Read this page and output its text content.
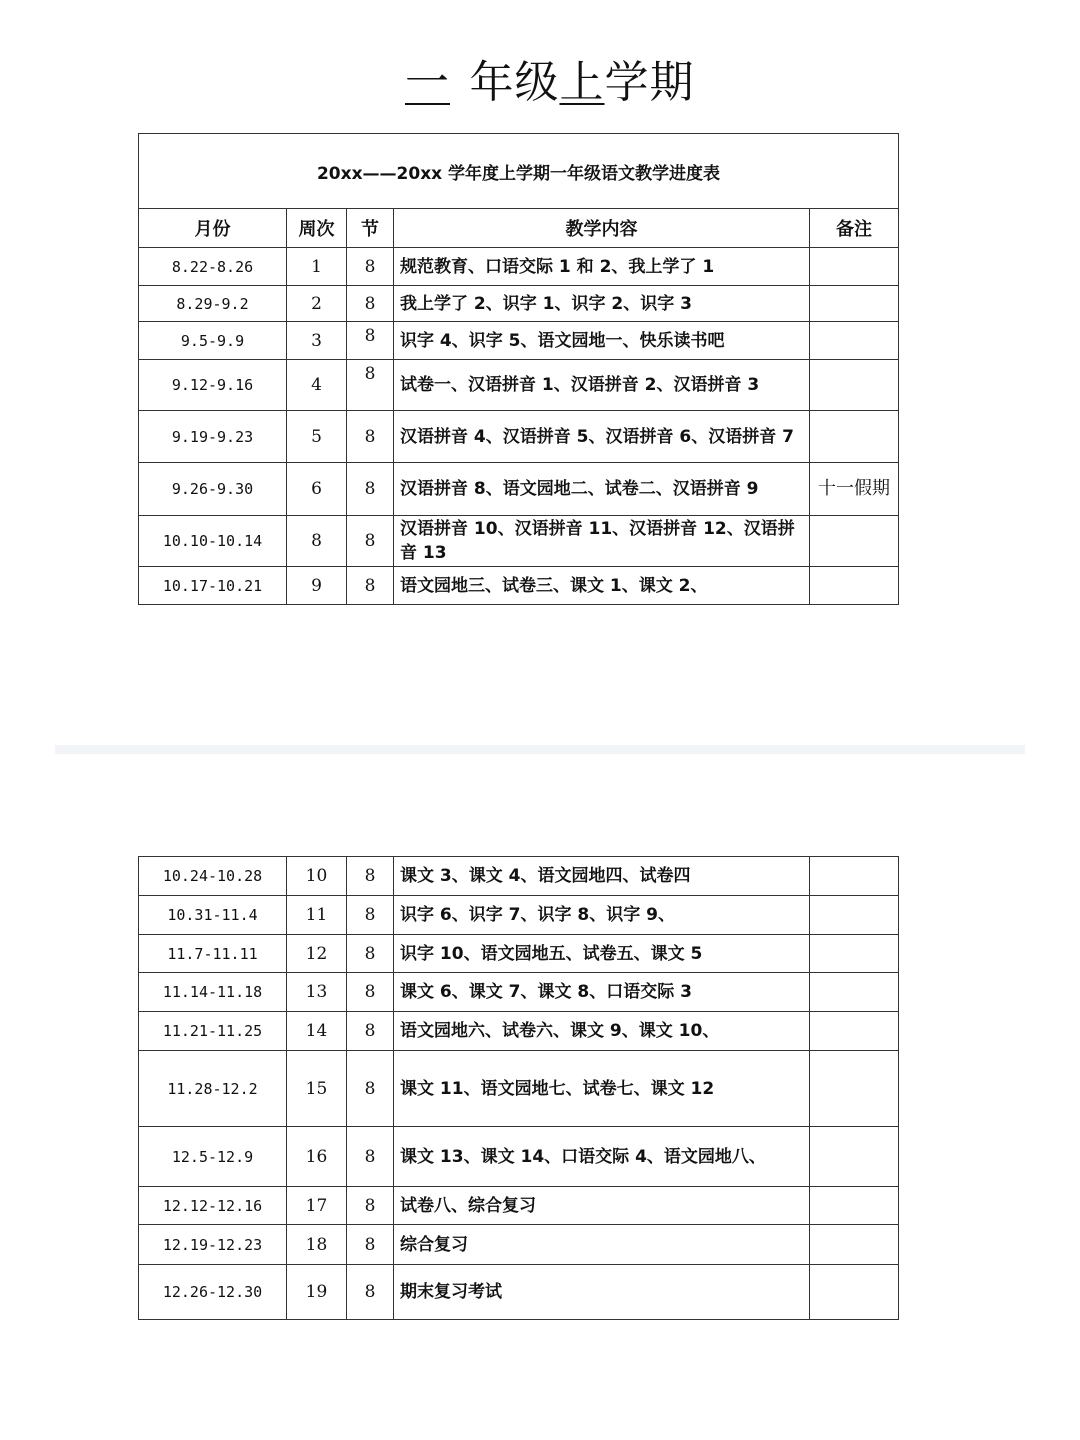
一 年级上学期
20xx——20xx 学年度上学期一年级语文教学进度表				
月份	周次	节	教学内容	备注
8.22-8.26	1	8	规范教育、口语交际 1 和 2、我上学了 1	
8.29-9.2	2	8	我上学了 2、识字 1、识字 2、识字 3	
9.5-9.9	3	8	识字 4、识字 5、语文园地一、快乐读书吧	
9.12-9.16	4	8	试卷一、汉语拼音 1、汉语拼音 2、汉语拼音 3	
9.19-9.23	5	8	汉语拼音 4、汉语拼音 5、汉语拼音 6、汉语拼音 7	
9.26-9.30	6	8	汉语拼音 8、语文园地二、试卷二、汉语拼音 9	十一假期
10.10-10.14	8	8	汉语拼音 10、汉语拼音 11、汉语拼音 12、汉语拼音 13	
10.17-10.21	9	8	语文园地三、试卷三、课文 1、课文 2、	
10.24-10.28	10	8	课文 3、课文 4、语文园地四、试卷四	
10.31-11.4	11	8	识字 6、识字 7、识字 8、识字 9、	
11.7-11.11	12	8	识字 10、语文园地五、试卷五、课文 5	
11.14-11.18	13	8	课文 6、课文 7、课文 8、口语交际 3	
11.21-11.25	14	8	语文园地六、试卷六、课文 9、课文 10、	
11.28-12.2	15	8	课文 11、语文园地七、试卷七、课文 12	
12.5-12.9	16	8	课文 13、课文 14、口语交际 4、语文园地八、	
12.12-12.16	17	8	试卷八、综合复习	
12.19-12.23	18	8	综合复习	
12.26-12.30	19	8	期末复习考试	
